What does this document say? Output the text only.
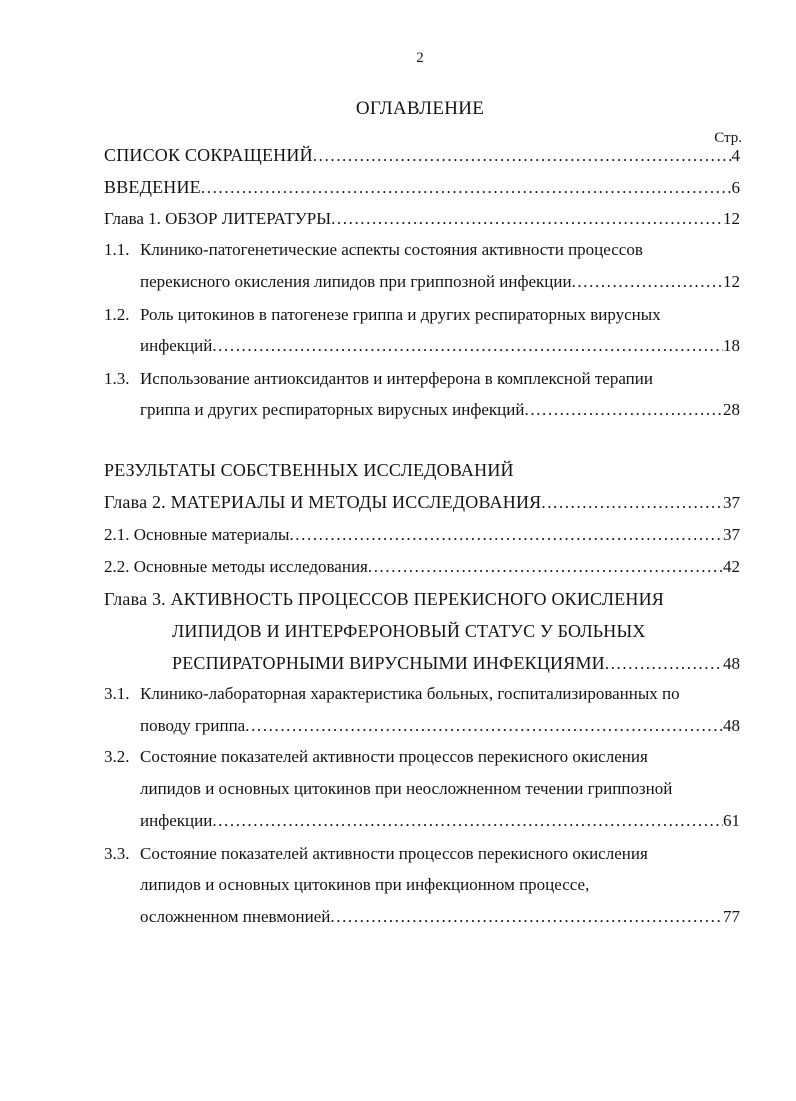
2
ОГЛАВЛЕНИЕ
Стр.
СПИСОК СОКРАЩЕНИЙ .....	4
ВВЕДЕНИЕ .....	6
Глава 1. ОБЗОР ЛИТЕРАТУРЫ .....	12
1.1. Клинико-патогенетические аспекты состояния активности процессов
перекисного окисления липидов при гриппозной инфекции .....	12
1.2. Роль цитокинов в патогенезе гриппа и других респираторных вирусных
инфекций .....	18
1.3. Использование антиоксидантов и интерферона в комплексной терапии
гриппа и других респираторных вирусных инфекций .....	28
РЕЗУЛЬТАТЫ СОБСТВЕННЫХ ИССЛЕДОВАНИЙ
Глава 2. МАТЕРИАЛЫ И МЕТОДЫ ИССЛЕДОВАНИЯ .....	37
2.1. Основные материалы .....	37
2.2. Основные методы исследования .....	42
Глава 3. АКТИВНОСТЬ ПРОЦЕССОВ ПЕРЕКИСНОГО ОКИСЛЕНИЯ
ЛИПИДОВ И ИНТЕРФЕРОНОВЫЙ СТАТУС У БОЛЬНЫХ
РЕСПИРАТОРНЫМИ ВИРУСНЫМИ ИНФЕКЦИЯМИ .....	48
3.1. Клинико-лабораторная характеристика больных, госпитализированных по
поводу гриппа .....	48
3.2. Состояние показателей активности процессов перекисного окисления
липидов и основных цитокинов при неосложненном течении гриппозной
инфекции .....	61
3.3. Состояние показателей активности процессов перекисного окисления
липидов и основных цитокинов при инфекционном процессе,
осложненном пневмонией .....	77
